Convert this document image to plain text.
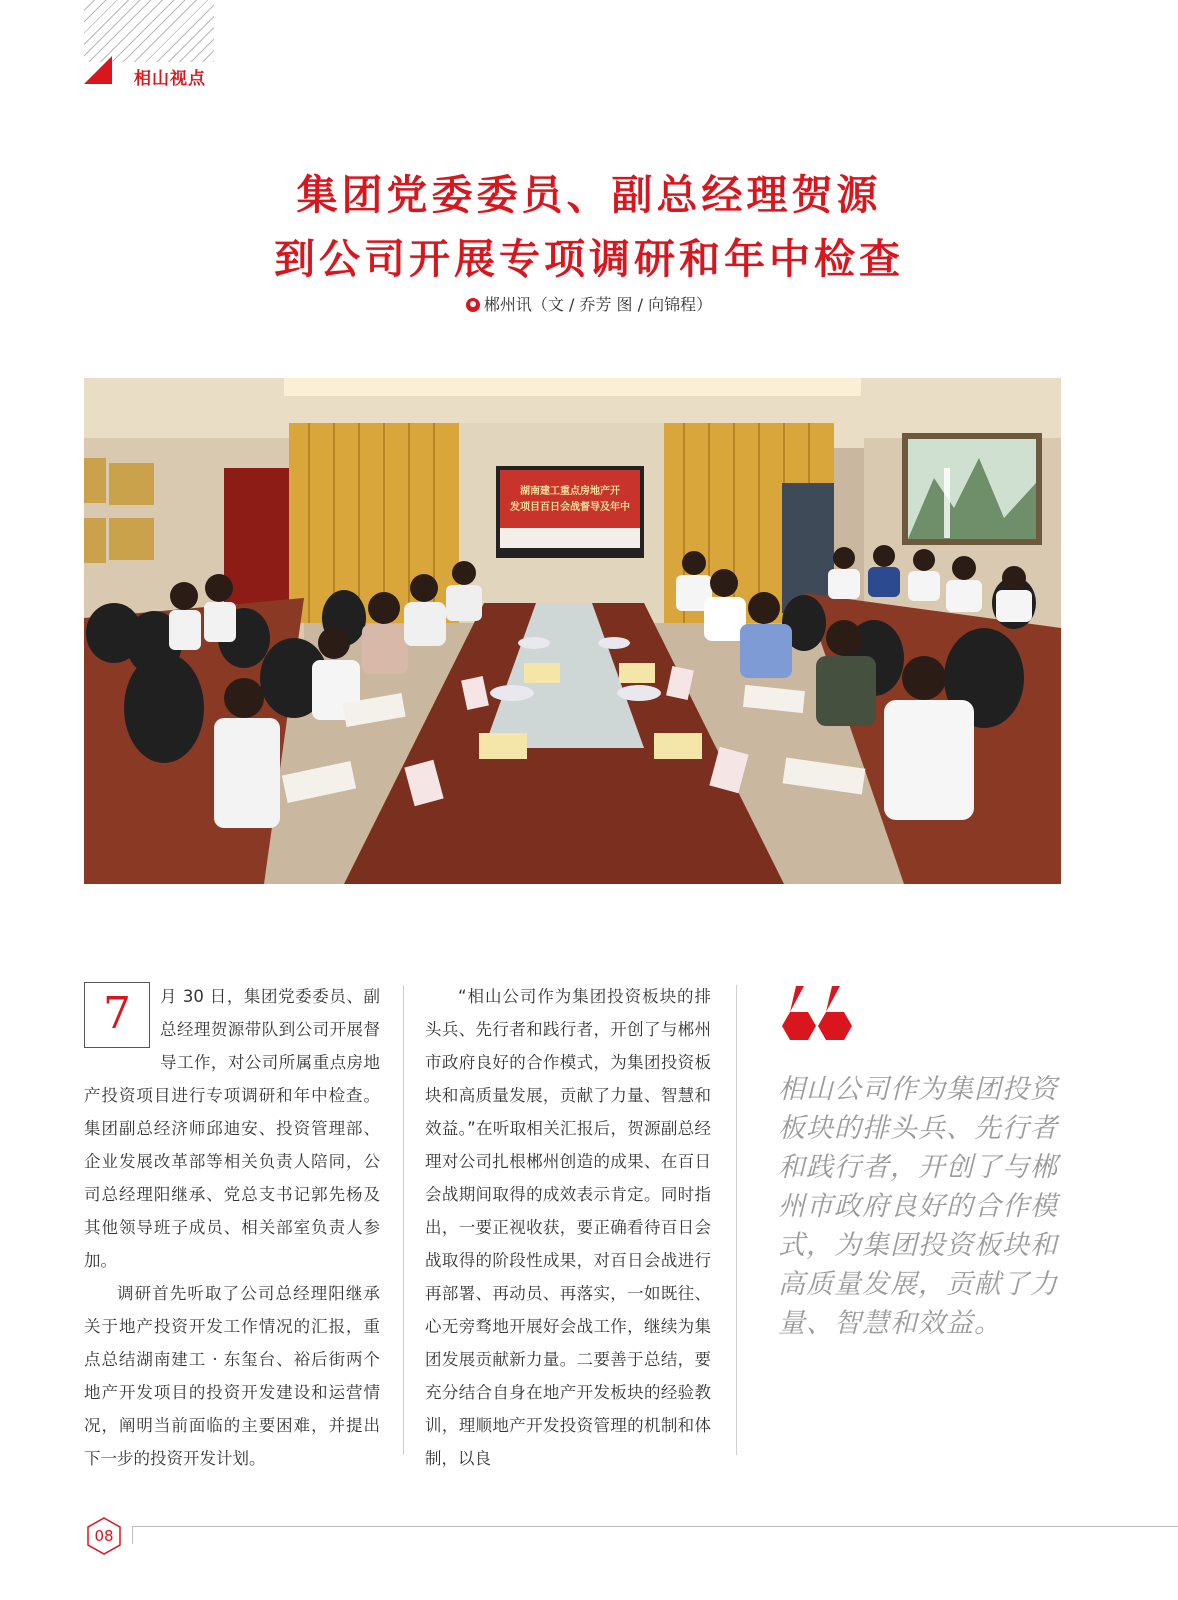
相山视点
集团党委委员、副总经理贺源
到公司开展专项调研和年中检查
郴州讯（文 / 乔芳 图 / 向锦程）
湖南建工重点房地产开
发项目百日会战督导及年中

7	月 30 日，集团党委委员、副总经理贺源带队到公司开展督导工作，对公司所属重点房地产投资项目进行专项调研和年中检查。集团副总经济师邱迪安、投资管理部、企业发展改革部等相关负责人陪同，公司总经理阳继承、党总支书记郭先杨及其他领导班子成员、相关部室负责人参加。

调研首先听取了公司总经理阳继承关于地产投资开发工作情况的汇报，重点总结湖南建工 · 东玺台、裕后街两个地产开发项目的投资开发建设和运营情况，阐明当前面临的主要困难，并提出下一步的投资开发计划。

“相山公司作为集团投资板块的排头兵、先行者和践行者，开创了与郴州市政府良好的合作模式，为集团投资板块和高质量发展，贡献了力量、智慧和效益。”在听取相关汇报后，贺源副总经理对公司扎根郴州创造的成果、在百日会战期间取得的成效表示肯定。同时指出，一要正视收获，要正确看待百日会战取得的阶段性成果，对百日会战进行再部署、再动员、再落实，一如既往、心无旁骛地开展好会战工作，继续为集团发展贡献新力量。二要善于总结，要充分结合自身在地产开发板块的经验教训，理顺地产开发投资管理的机制和体制，以良

相山公司作为集团投资板块的排头兵、先行者和践行者，开创了与郴州市政府良好的合作模式，为集团投资板块和高质量发展，贡献了力量、智慧和效益。
08
